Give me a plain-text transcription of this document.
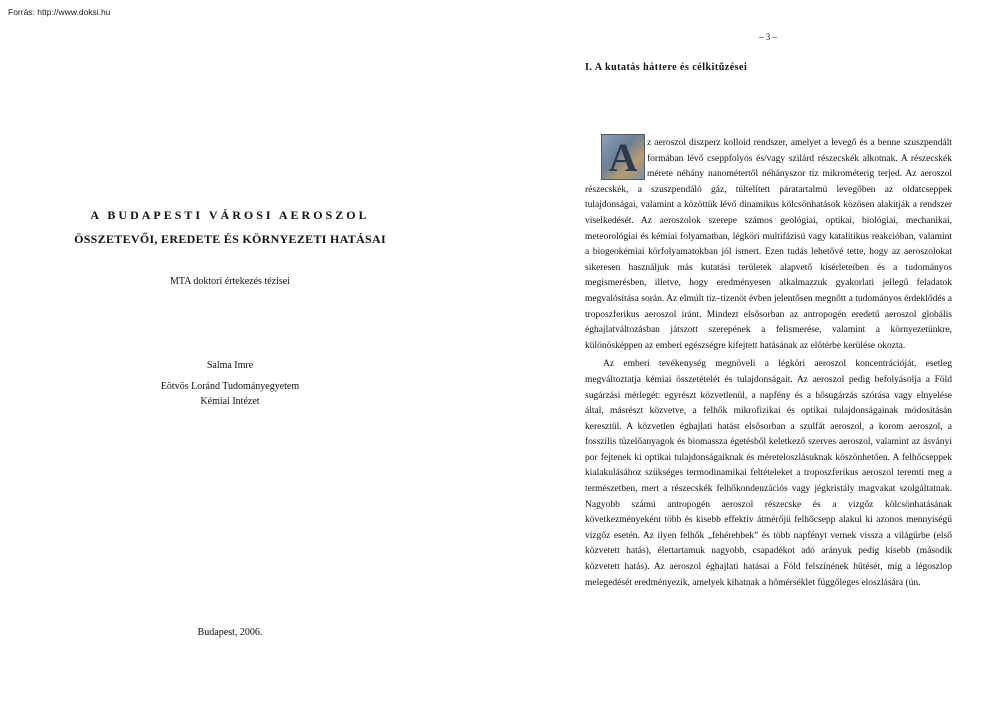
Forrás: http://www.doksi.hu
A BUDAPESTI VÁROSI AEROSZOL
ÖSSZETEVŐI, EREDETE ÉS KÖRNYEZETI HATÁSAI
MTA doktori értekezés tézisei
Salma Imre
Eötvös Loránd Tudományegyetem
Kémiai Intézet
Budapest, 2006.
– 3 –
I. A kutatás háttere és célkitűzései

A	z aeroszol diszperz kolloid rendszer, amelyet a levegő és a benne szuszpendált formában lévő cseppfolyós és/vagy szilárd részecskék alkotnak. A részecskék mérete néhány nanométertől néhányszor tíz mikrométerig terjed. Az aeroszol részecskék, a szuszpendáló gáz, túltelített páratartalmú levegőben az oldatcseppek tulajdonságai, valamint a közöttük lévő dinamikus kölcsönhatások közösen alakítják a rendszer viselkedését. Az aeroszolok szerepe számos geológiai, optikai, biológiai, mechanikai, meteorológiai és kémiai folyamatban, légköri multifázisú vagy katalitikus reakcióban, valamint a biogeokémiai körfolyamatokban jól ismert. Ezen tudás lehetővé tette, hogy az aeroszolokat sikeresen használjuk más kutatási területek alapvető kísérleteiben és a tudományos megismerésben, illetve, hogy eredményesen alkalmazzuk gyakorlati jellegű feladatok megvalósítása során. Az elmúlt tíz–tizenöt évben jelentősen megnőtt a tudományos érdeklődés a troposzferikus aeroszol iránt. Mindezt elsősorban az antropogén eredetű aeroszol globális éghajlatváltozásban játszott szerepének a felismerése, valamint a környezetünkre, különösképpen az emberi egészségre kifejtett hatásának az előtérbe kerülése okozta.

Az emberi tevékenység megnöveli a légköri aeroszol koncentrációját, esetleg megváltoztatja kémiai összetételét és tulajdonságait. Az aeroszol pedig befolyásolja a Föld sugárzási mérlegét: egyrészt közvetlenül, a napfény és a hősugárzás szórása vagy elnyelése által, másrészt közvetve, a felhők mikrofizikai és optikai tulajdonságainak módosításán keresztül. A közvetlen éghajlati hatást elsősorban a szulfát aeroszol, a korom aeroszol, a fosszilis tüzelőanyagok és biomassza égetésből keletkező szerves aeroszol, valamint az ásványi por fejtenek ki optikai tulajdonságaiknak és méreteloszlásuknak köszönhetően. A felhőcseppek kialakulásához szükséges termodinamikai feltételeket a troposzferikus aeroszol teremti meg a természetben, mert a részecskék felhőkondenzációs vagy jégkristály magvakat szolgáltatnak. Nagyobb számú antropogén aeroszol részecske és a vízgőz kölcsönhatásának következményeként több és kisebb effektív átmérőjű felhőcsepp alakul ki azonos mennyiségű vízgőz esetén. Az ilyen felhők „fehérebbek” és több napfényt vernek vissza a világűrbe (első közvetett hatás), élettartamuk nagyobb, csapadékot adó arányuk pedig kisebb (második közvetett hatás). Az aeroszol éghajlati hatásai a Föld felszínének hűtését, míg a légoszlop melegedését eredményezik, amelyek kihatnak a hőmérséklet függőleges eloszlására (ún.
